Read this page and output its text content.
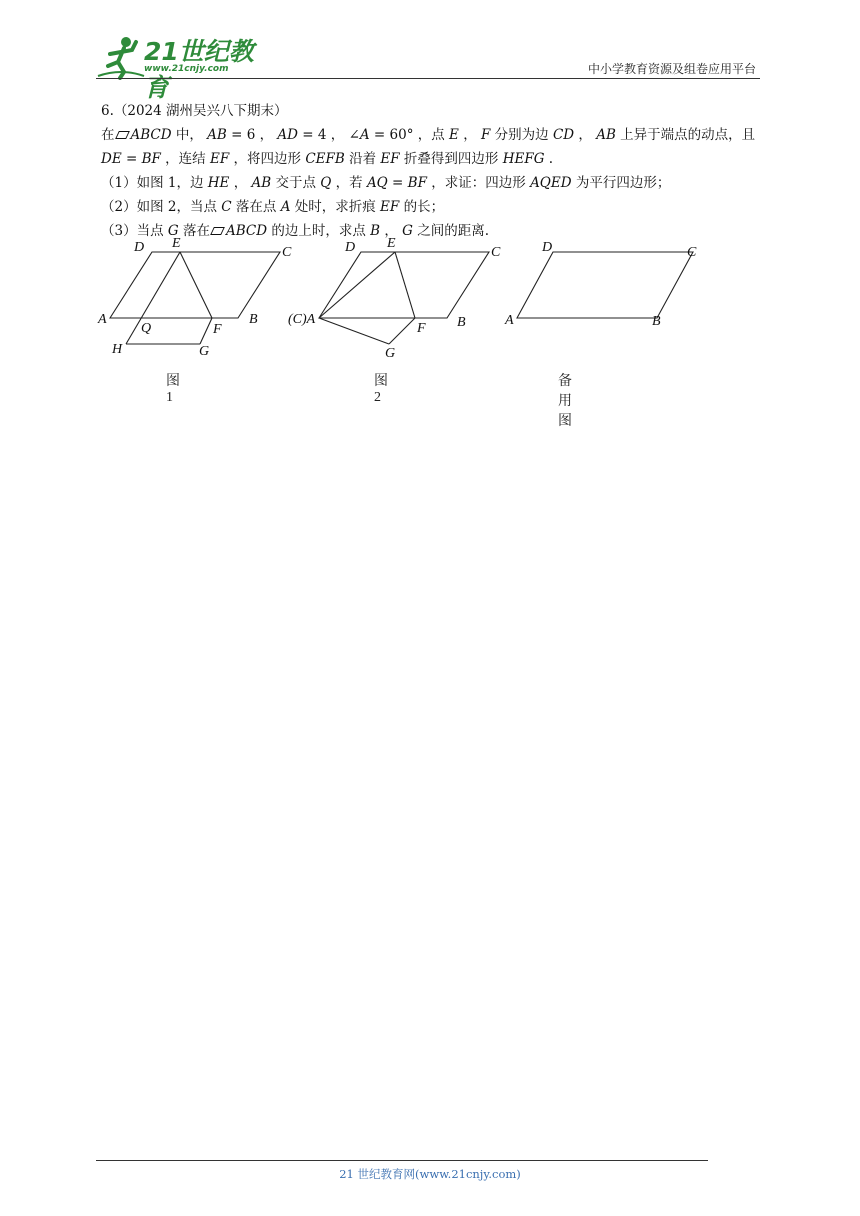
21世纪教育
www.21cnjy.com	中小学教育资源及组卷应用平台

6.（2024 湖州吴兴八下期末）

在 ABCD 中， AB = 6 ， AD = 4 ， ∠A = 60° ，点 E ， F 分别为边 CD ， AB 上异于端点的动点，且
DE = BF ，连结 EF ，将四边形 CEFB 沿着 EF 折叠得到四边形 HEFG .

（1）如图 1，边 HE ， AB 交于点 Q ，若 AQ = BF ，求证：四边形 AQED 为平行四边形；

（2）如图 2，当点 C 落在点 A 处时，求折痕 EF 的长；

（3）当点 G 落在 ABCD 的边上时，求点 B ， G 之间的距离.

D E
C
A
Q	F
B
H	G
D E
C
(C)A
F B
G
D	C
A	B
图 1
图 2
备用图
21 世纪教育网(www.21cnjy.com)
